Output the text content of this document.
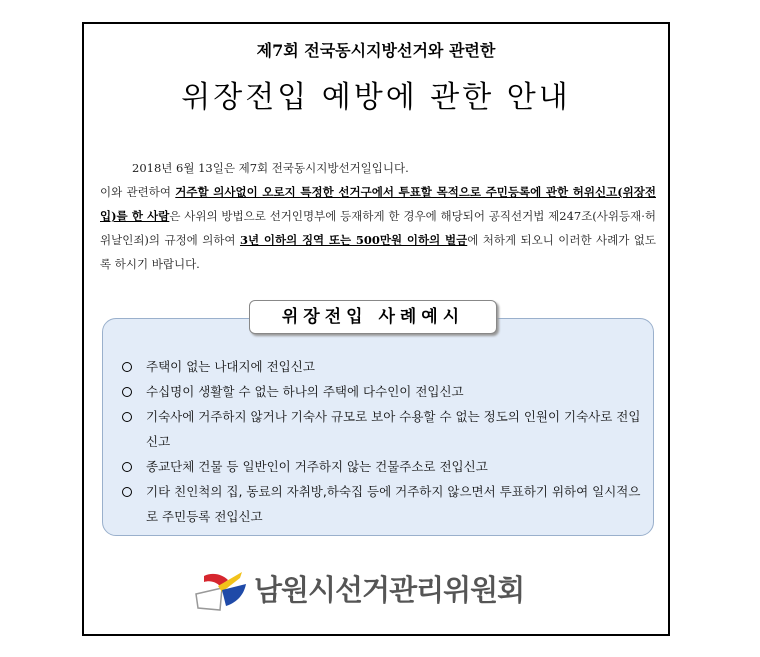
제7회 전국동시지방선거와 관련한
위장전입 예방에 관한 안내
2018년 6월 13일은 제7회 전국동시지방선거일입니다.
이와 관련하여 거주할 의사없이 오로지 특정한 선거구에서 투표할 목적으로 주민등록에 관한 허위신고(위장전입)를 한 사람은 사위의 방법으로 선거인명부에 등재하게 한 경우에 해당되어 공직선거법 제247조(사위등재·허위날인죄)의 규정에 의하여 3년 이하의 징역 또는 500만원 이하의 벌금에 처하게 되오니 이러한 사례가 없도록 하시기 바랍니다.
위장전입 사례예시
주택이 없는 나대지에 전입신고
수십명이 생활할 수 없는 하나의 주택에 다수인이 전입신고
기숙사에 거주하지 않거나 기숙사 규모로 보아 수용할 수 없는 정도의 인원이 기숙사로 전입신고
종교단체 건물 등 일반인이 거주하지 않는 건물주소로 전입신고
기타 친인척의 집, 동료의 자취방,하숙집 등에 거주하지 않으면서 투표하기 위하여 일시적으로 주민등록 전입신고
남원시선거관리위원회
